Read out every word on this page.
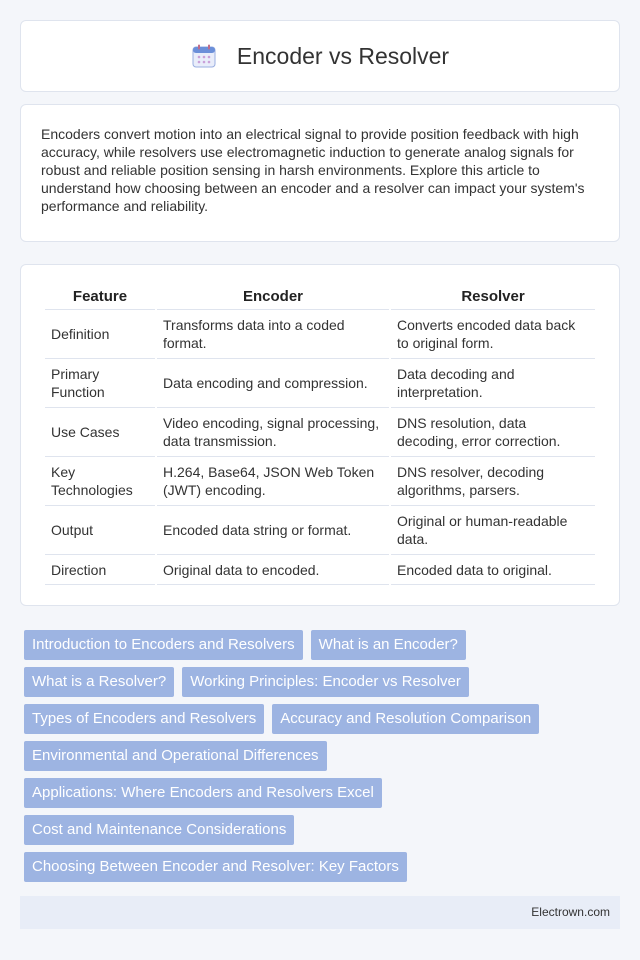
Encoder vs Resolver

Encoders convert motion into an electrical signal to provide position feedback with high accuracy, while resolvers use electromagnetic induction to generate analog signals for robust and reliable position sensing in harsh environments. Explore this article to understand how choosing between an encoder and a resolver can impact your system's performance and reliability.

Feature	Encoder	Resolver
Definition	Transforms data into a coded format.	Converts encoded data back to original form.
Primary Function	Data encoding and compression.	Data decoding and interpretation.
Use Cases	Video encoding, signal processing, data transmission.	DNS resolution, data decoding, error correction.
Key Technologies	H.264, Base64, JSON Web Token (JWT) encoding.	DNS resolver, decoding algorithms, parsers.
Output	Encoded data string or format.	Original or human-readable data.
Direction	Original data to encoded.	Encoded data to original.
Introduction to Encoders and Resolvers	What is an Encoder?
What is a Resolver?	Working Principles: Encoder vs Resolver
Types of Encoders and Resolvers	Accuracy and Resolution Comparison
Environmental and Operational Differences
Applications: Where Encoders and Resolvers Excel
Cost and Maintenance Considerations
Choosing Between Encoder and Resolver: Key Factors
Electrown.com
